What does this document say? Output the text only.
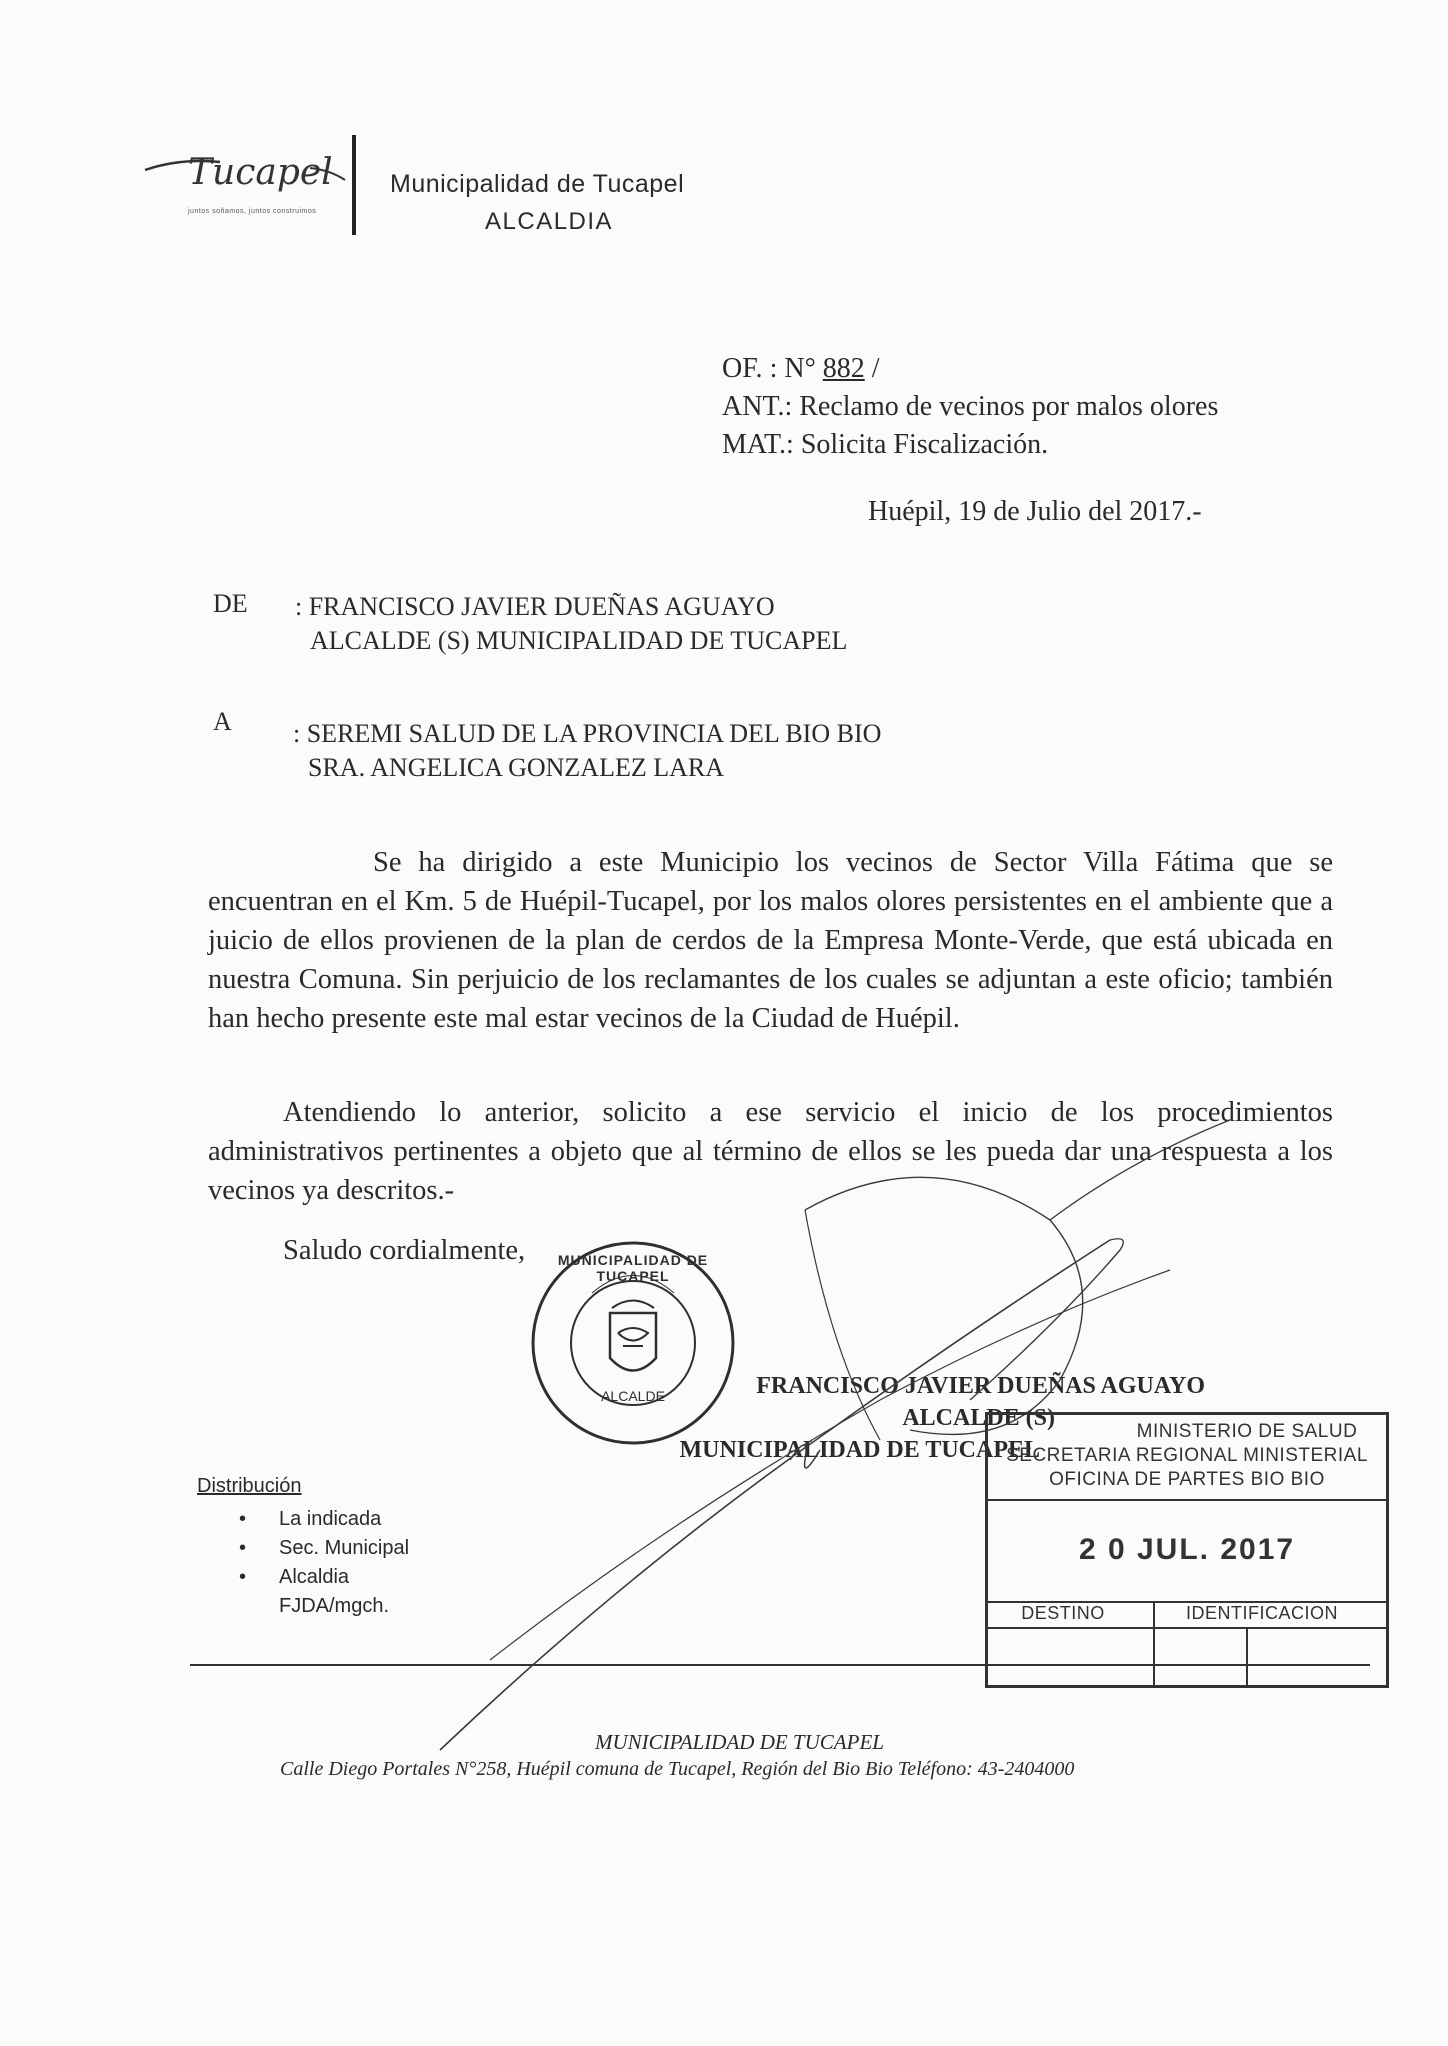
Tucapel
juntos soñamos, juntos construimos
Municipalidad de Tucapel
ALCALDIA
OF. : N° 882 /
ANT.: Reclamo de vecinos por malos olores
MAT.: Solicita Fiscalización.
Huépil, 19 de Julio del 2017.-
DE : FRANCISCO JAVIER DUEÑAS AGUAYO
ALCALDE (S) MUNICIPALIDAD DE TUCAPEL
A : SEREMI SALUD DE LA PROVINCIA DEL BIO BIO
SRA. ANGELICA GONZALEZ LARA
Se ha dirigido a este Municipio los vecinos de Sector Villa Fátima que se encuentran en el Km. 5 de Huépil-Tucapel, por los malos olores persistentes en el ambiente que a juicio de ellos provienen de la plan de cerdos de la Empresa Monte-Verde, que está ubicada en nuestra Comuna. Sin perjuicio de los reclamantes de los cuales se adjuntan a este oficio; también han hecho presente este mal estar vecinos de la Ciudad de Huépil.
Atendiendo lo anterior, solicito a ese servicio el inicio de los procedimientos administrativos pertinentes a objeto que al término de ellos se les pueda dar una respuesta a los vecinos ya descritos.-
Saludo cordialmente,
FRANCISCO JAVIER DUEÑAS AGUAYO
ALCALDE (S)
MUNICIPALIDAD DE TUCAPEL
MUNICIPALIDAD DE TUCAPEL
ALCALDE
Distribución
• La indicada
• Sec. Municipal
• Alcaldia
FJDA/mgch.
MINISTERIO DE SALUD
SECRETARIA REGIONAL MINISTERIAL
OFICINA DE PARTES BIO BIO
2 0 JUL. 2017
DESTINO	IDENTIFICACION
MUNICIPALIDAD DE TUCAPEL
Calle Diego Portales N°258, Huépil comuna de Tucapel, Región del Bio Bio Teléfono: 43-2404000
